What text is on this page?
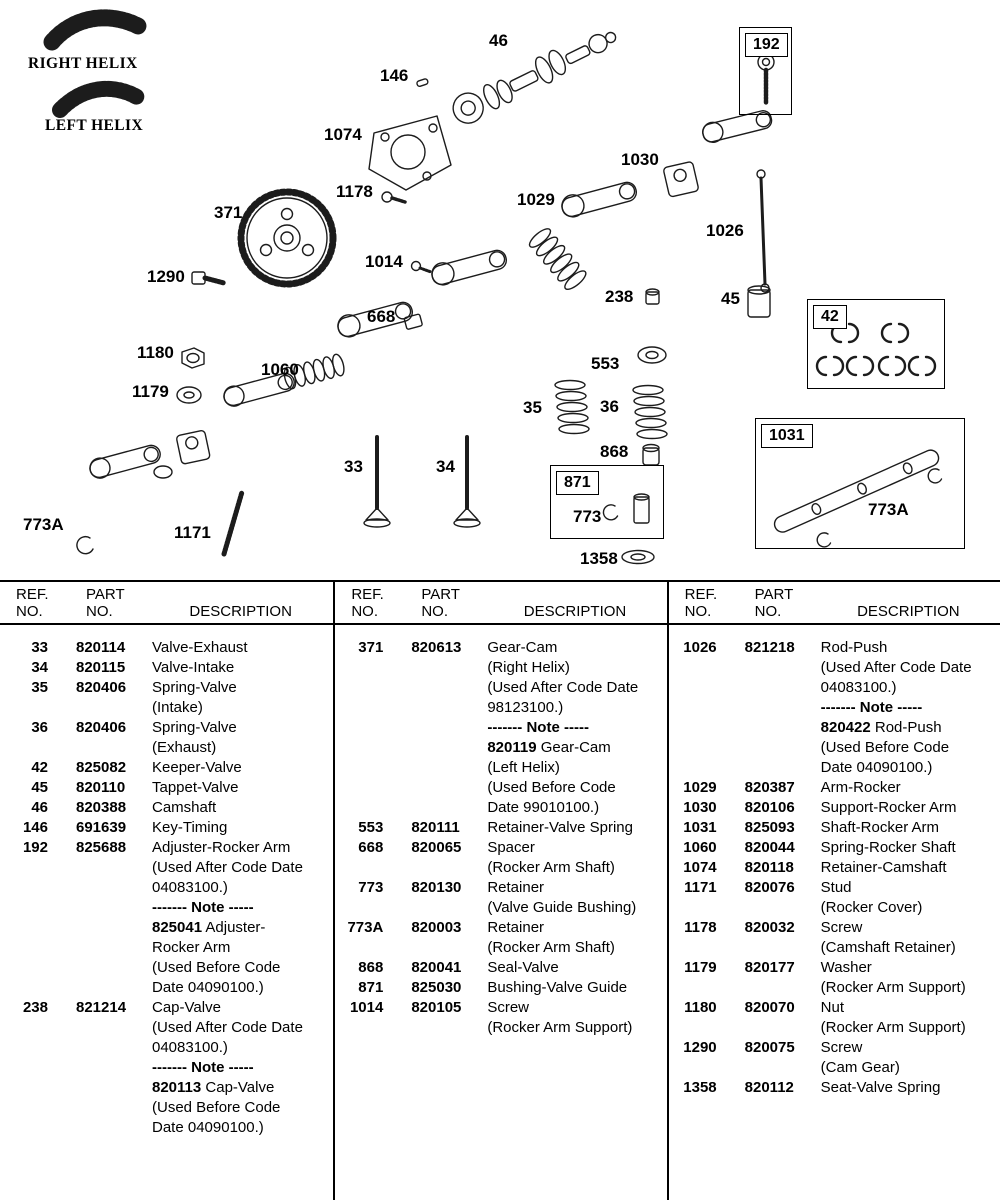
RIGHT HELIX
LEFT HELIX
46
146
1074
1178
371
1290
1014
1029
1030
1026
45
238
668
553
1180
1060
1179
35	36
868
33	34
773A	1171
1358
192
42
871
773
1031
773A
REF.
NO.
PART
NO.	DESCRIPTION
33 820114	Valve-Exhaust
34 820115	Valve-Intake
35 820406	Spring-Valve
(Intake)
36 820406	Spring-Valve
(Exhaust)
42 825082	Keeper-Valve
45 820110	Tappet-Valve
46 820388	Camshaft
146 691639	Key-Timing
192 825688	Adjuster-Rocker Arm
(Used After Code Date
04083100.)
------- Note -----
825041 Adjuster-
Rocker Arm
(Used Before Code
Date 04090100.)
238 821214	Cap-Valve
(Used After Code Date
04083100.)
------- Note -----
820113 Cap-Valve
(Used Before Code
Date 04090100.)
REF.
NO.
PART
NO.	DESCRIPTION
371 820613	Gear-Cam
(Right Helix)
(Used After Code Date
98123100.)
------- Note -----
820119 Gear-Cam
(Left Helix)
(Used Before Code
Date 99010100.)
553 820111	Retainer-Valve Spring
668 820065	Spacer
(Rocker Arm Shaft)
773 820130	Retainer
(Valve Guide Bushing)
773A 820003	Retainer
(Rocker Arm Shaft)
868 820041	Seal-Valve
871 825030	Bushing-Valve Guide
1014 820105	Screw
(Rocker Arm Support)
REF.
NO.
PART
NO.	DESCRIPTION
1026 821218	Rod-Push
(Used After Code Date
04083100.)
------- Note -----
820422 Rod-Push
(Used Before Code
Date 04090100.)
1029 820387	Arm-Rocker
1030 820106	Support-Rocker Arm
1031 825093	Shaft-Rocker Arm
1060 820044	Spring-Rocker Shaft
1074 820118	Retainer-Camshaft
1171 820076	Stud
(Rocker Cover)
1178 820032	Screw
(Camshaft Retainer)
1179 820177	Washer
(Rocker Arm Support)
1180 820070	Nut
(Rocker Arm Support)
1290 820075	Screw
(Cam Gear)
1358 820112	Seat-Valve Spring
